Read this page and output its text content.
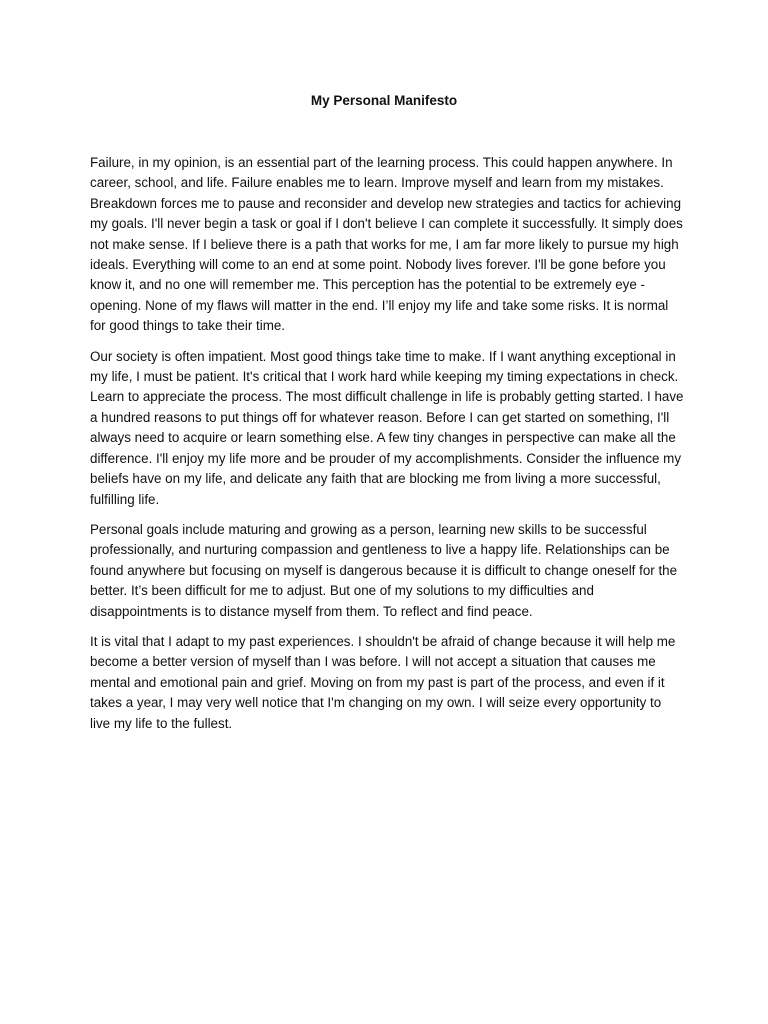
My Personal Manifesto

Failure, in my opinion, is an essential part of the learning process. This could happen anywhere. In career, school, and life. Failure enables me to learn. Improve myself and learn from my mistakes. Breakdown forces me to pause and reconsider and develop new strategies and tactics for achieving my goals. I'll never begin a task or goal if I don't believe I can complete it successfully. It simply does not make sense. If I believe there is a path that works for me, I am far more likely to pursue my high ideals. Everything will come to an end at some point. Nobody lives forever. I'll be gone before you know it, and no one will remember me. This perception has the potential to be extremely eye - opening. None of my flaws will matter in the end. I’ll enjoy my life and take some risks. It is normal for good things to take their time.

Our society is often impatient. Most good things take time to make. If I want anything exceptional in my life, I must be patient. It's critical that I work hard while keeping my timing expectations in check. Learn to appreciate the process. The most difficult challenge in life is probably getting started. I have a hundred reasons to put things off for whatever reason. Before I can get started on something, I'll always need to acquire or learn something else. A few tiny changes in perspective can make all the difference. I'll enjoy my life more and be prouder of my accomplishments. Consider the influence my beliefs have on my life, and delicate any faith that are blocking me from living a more successful, fulfilling life.

Personal goals include maturing and growing as a person, learning new skills to be successful professionally, and nurturing compassion and gentleness to live a happy life. Relationships can be found anywhere but focusing on myself is dangerous because it is difficult to change oneself for the better. It’s been difficult for me to adjust. But one of my solutions to my difficulties and disappointments is to distance myself from them. To reflect and find peace.

It is vital that I adapt to my past experiences. I shouldn't be afraid of change because it will help me become a better version of myself than I was before. I will not accept a situation that causes me mental and emotional pain and grief. Moving on from my past is part of the process, and even if it takes a year, I may very well notice that I'm changing on my own. I will seize every opportunity to live my life to the fullest.
